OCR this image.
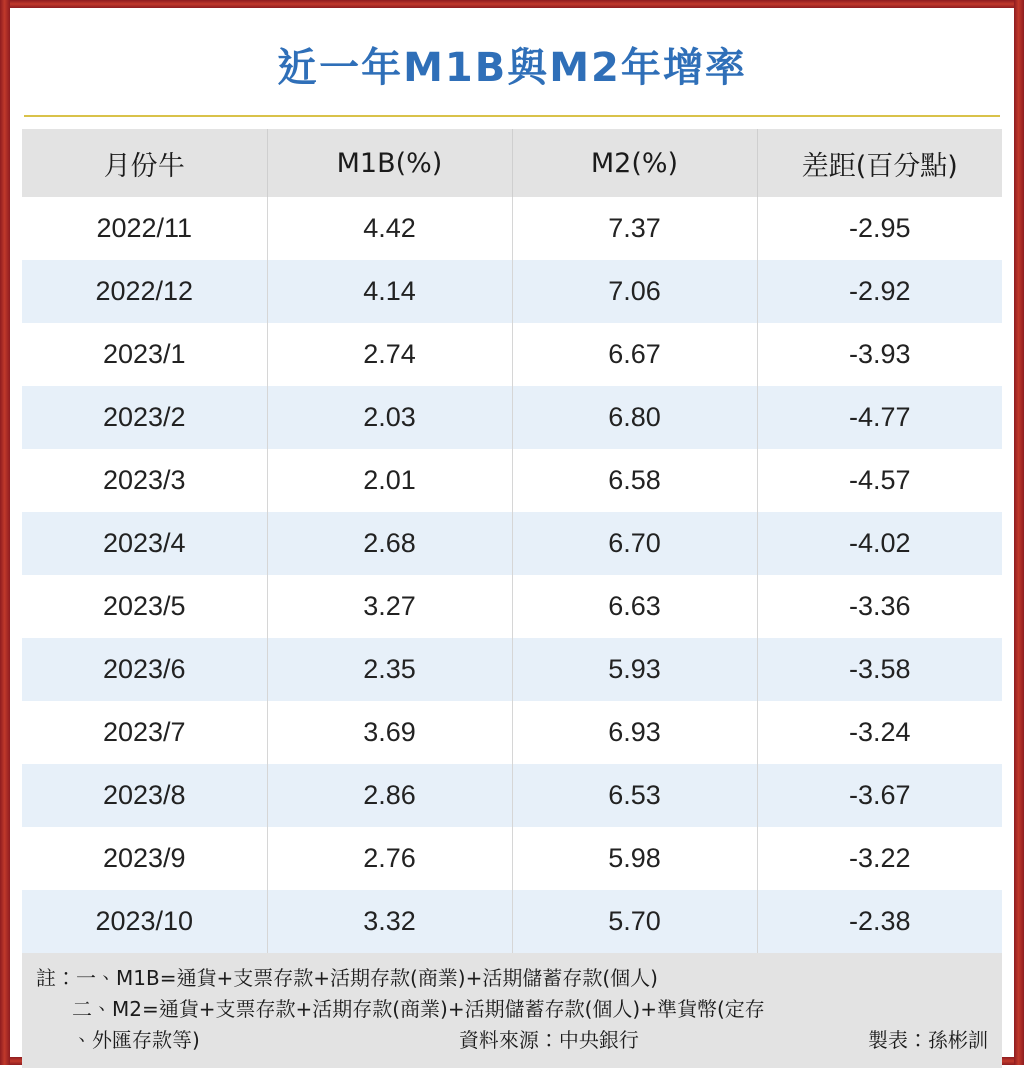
近一年M1B與M2年增率
月份牛	M1B(%)	M2(%)	差距(百分點)
2022/11	4.42	7.37	-2.95
2022/12	4.14	7.06	-2.92
2023/1	2.74	6.67	-3.93
2023/2	2.03	6.80	-4.77
2023/3	2.01	6.58	-4.57
2023/4	2.68	6.70	-4.02
2023/5	3.27	6.63	-3.36
2023/6	2.35	5.93	-3.58
2023/7	3.69	6.93	-3.24
2023/8	2.86	6.53	-3.67
2023/9	2.76	5.98	-3.22
2023/10	3.32	5.70	-2.38
註：一、M1B=通貨+支票存款+活期存款(商業)+活期儲蓄存款(個人)
二、M2=通貨+支票存款+活期存款(商業)+活期儲蓄存款(個人)+準貨幣(定存
、外匯存款等)	資料來源：中央銀行	製表：孫彬訓
